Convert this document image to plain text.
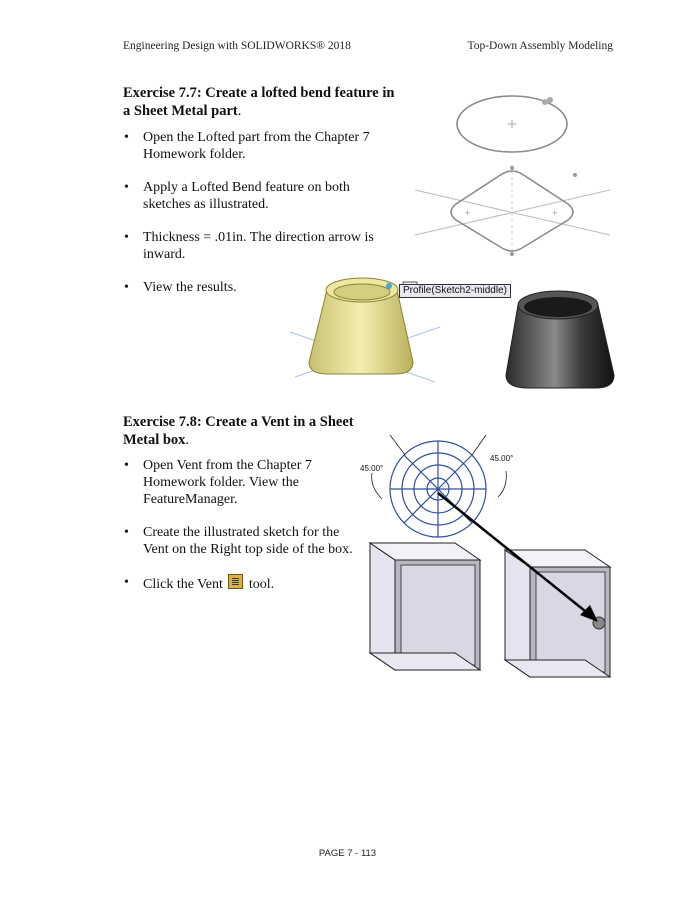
Engineering Design with SOLIDWORKS® 2018	Top-Down Assembly Modeling
Exercise 7.7: Create a lofted bend feature in a Sheet Metal part.
• Open the Lofted part from the Chapter 7 Homework folder.
• Apply a Lofted Bend feature on both sketches as illustrated.
• Thickness = .01in. The direction arrow is inward.
• View the results.
+	+
Profile(Sketch2-middle)
Exercise 7.8: Create a Vent in a Sheet Metal box.
• Open Vent from the Chapter 7 Homework folder. View the FeatureManager.
• Create the illustrated sketch for the Vent on the Right top side of the box.
• Click the Vent tool.
45.00°
45.00°
PAGE 7 - 113
